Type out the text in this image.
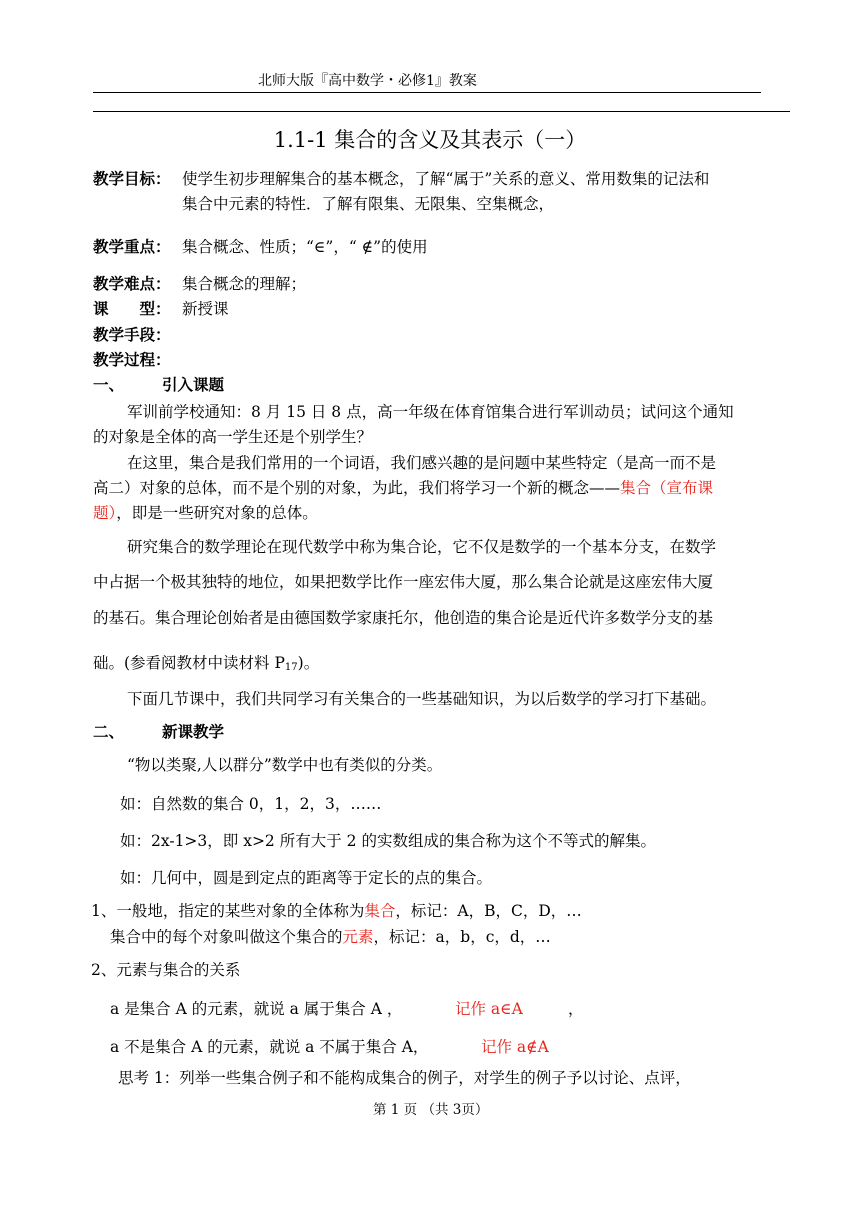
北师大版『高中数学・必修1』教案
1.1-1 集合的含义及其表示（一）
教学目标： 使学生初步理解集合的基本概念，了解“属于”关系的意义、常用数集的记法和
集合中元素的特性．了解有限集、无限集、空集概念，
教学重点： 集合概念、性质；“∈”，“ ∉”的使用
教学难点： 集合概念的理解；
课　　型： 新授课
教学手段：
教学过程：
一、 引入课题
军训前学校通知：8 月 15 日 8 点，高一年级在体育馆集合进行军训动员；试问这个通知
的对象是全体的高一学生还是个别学生？
在这里，集合是我们常用的一个词语，我们感兴趣的是问题中某些特定（是高一而不是
高二）对象的总体，而不是个别的对象，为此，我们将学习一个新的概念——集合（宣布课
题），即是一些研究对象的总体。
研究集合的数学理论在现代数学中称为集合论，它不仅是数学的一个基本分支，在数学
中占据一个极其独特的地位，如果把数学比作一座宏伟大厦，那么集合论就是这座宏伟大厦
的基石。集合理论创始者是由德国数学家康托尔，他创造的集合论是近代许多数学分支的基
础。(参看阅教材中读材料 $P_{17}$)。
下面几节课中，我们共同学习有关集合的一些基础知识，为以后数学的学习打下基础。
二、 新课教学
“物以类聚,人以群分”数学中也有类似的分类。
如：自然数的集合 0，1，2，3，……
如：2x-1>3，即 x>2 所有大于 2 的实数组成的集合称为这个不等式的解集。
如：几何中，圆是到定点的距离等于定长的点的集合。
1、一般地，指定的某些对象的全体称为集合，标记：A，B，C，D，…
集合中的每个对象叫做这个集合的元素，标记：a，b，c，d，…
2、元素与集合的关系
a 是集合 A 的元素，就说 a 属于集合 A ，	记作 a∈A	，
a 不是集合 A 的元素，就说 a 不属于集合 A，	记作 a∉A
思考 1：列举一些集合例子和不能构成集合的例子，对学生的例子予以讨论、点评，
第 1 页 （共 3页）
